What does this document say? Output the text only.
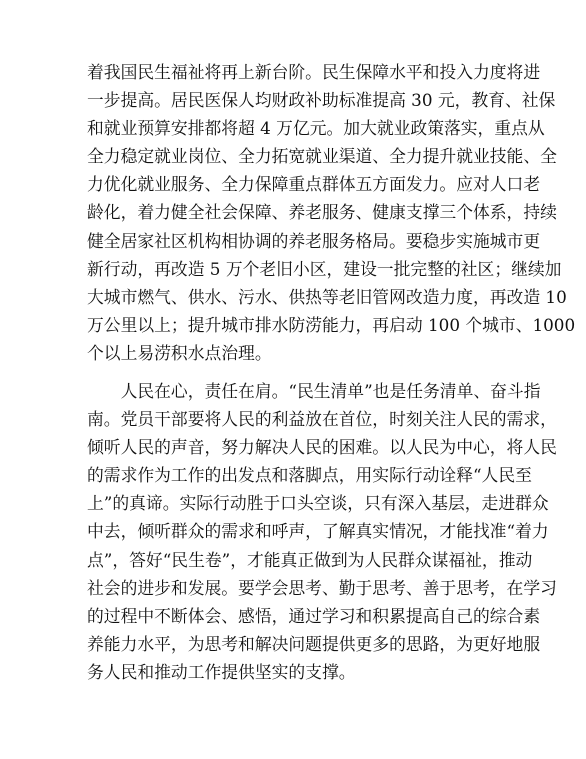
着我国民生福祉将再上新台阶。民生保障水平和投入力度将进
一步提高。居民医保人均财政补助标准提高 30 元，教育、社保
和就业预算安排都将超 4 万亿元。加大就业政策落实，重点从
全力稳定就业岗位、全力拓宽就业渠道、全力提升就业技能、全
力优化就业服务、全力保障重点群体五方面发力。应对人口老
龄化，着力健全社会保障、养老服务、健康支撑三个体系，持续
健全居家社区机构相协调的养老服务格局。要稳步实施城市更
新行动，再改造 5 万个老旧小区，建设一批完整的社区；继续加
大城市燃气、供水、污水、供热等老旧管网改造力度，再改造 10
万公里以上；提升城市排水防涝能力，再启动 100 个城市、1000
个以上易涝积水点治理。
　　人民在心，责任在肩。“民生清单”也是任务清单、奋斗指
南。党员干部要将人民的利益放在首位，时刻关注人民的需求，
倾听人民的声音，努力解决人民的困难。以人民为中心，将人民
的需求作为工作的出发点和落脚点，用实际行动诠释“人民至
上”的真谛。实际行动胜于口头空谈，只有深入基层，走进群众
中去，倾听群众的需求和呼声，了解真实情况，才能找准“着力
点”，答好“民生卷”，才能真正做到为人民群众谋福祉，推动
社会的进步和发展。要学会思考、勤于思考、善于思考，在学习
的过程中不断体会、感悟，通过学习和积累提高自己的综合素
养能力水平，为思考和解决问题提供更多的思路，为更好地服
务人民和推动工作提供坚实的支撑。
